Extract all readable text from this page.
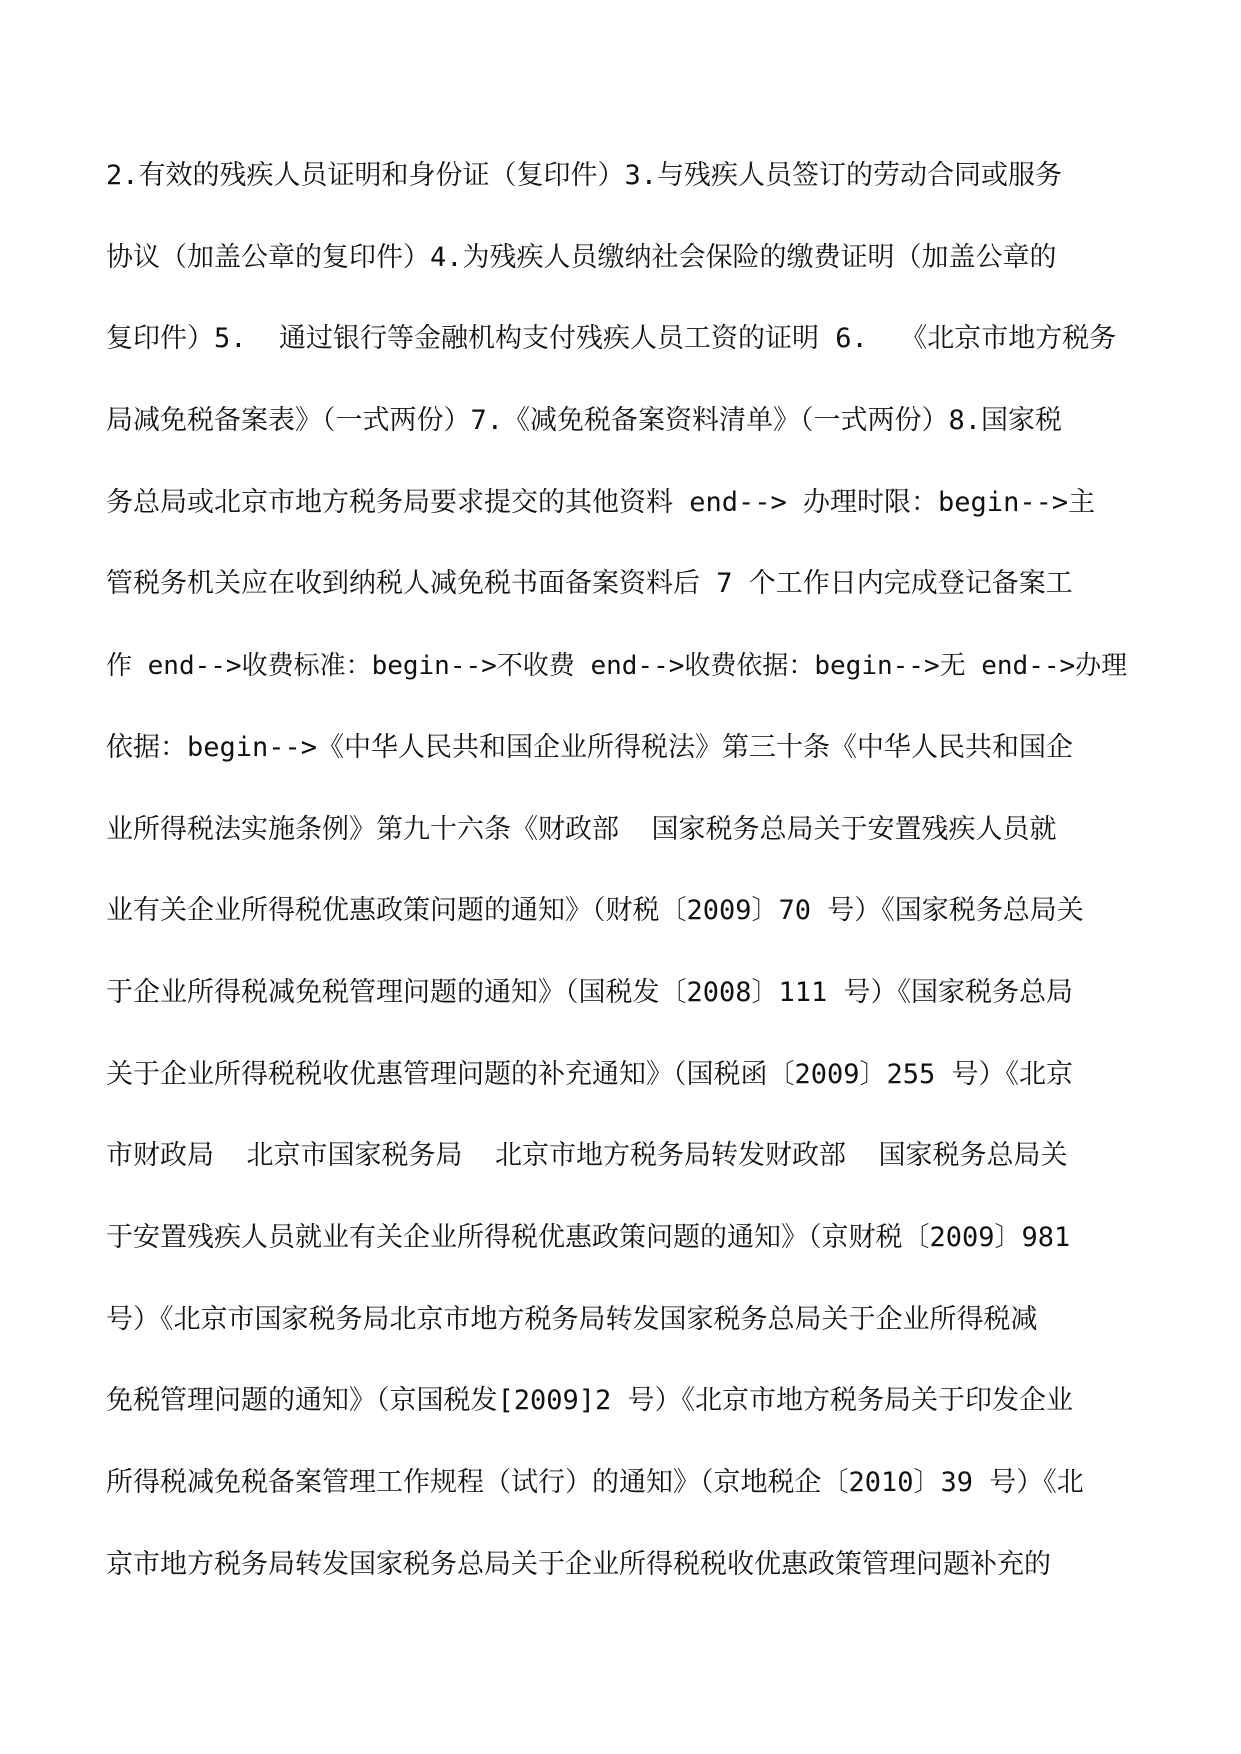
2.有效的残疾人员证明和身份证（复印件）3.与残疾人员签订的劳动合同或服务
协议（加盖公章的复印件）4.为残疾人员缴纳社会保险的缴费证明（加盖公章的
复印件）5.  通过银行等金融机构支付残疾人员工资的证明 6.  《北京市地方税务
局减免税备案表》（一式两份）7.《减免税备案资料清单》（一式两份）8.国家税
务总局或北京市地方税务局要求提交的其他资料 end--> 办理时限：begin-->主
管税务机关应在收到纳税人减免税书面备案资料后 7 个工作日内完成登记备案工
作 end-->收费标准：begin-->不收费 end-->收费依据：begin-->无 end-->办理
依据：begin-->《中华人民共和国企业所得税法》第三十条《中华人民共和国企
业所得税法实施条例》第九十六条《财政部  国家税务总局关于安置残疾人员就
业有关企业所得税优惠政策问题的通知》（财税〔2009〕70 号）《国家税务总局关
于企业所得税减免税管理问题的通知》（国税发〔2008〕111 号）《国家税务总局
关于企业所得税税收优惠管理问题的补充通知》（国税函〔2009〕255 号）《北京
市财政局  北京市国家税务局  北京市地方税务局转发财政部  国家税务总局关
于安置残疾人员就业有关企业所得税优惠政策问题的通知》（京财税〔2009〕981
号）《北京市国家税务局北京市地方税务局转发国家税务总局关于企业所得税减
免税管理问题的通知》（京国税发[2009]2 号）《北京市地方税务局关于印发企业
所得税减免税备案管理工作规程（试行）的通知》（京地税企〔2010〕39 号）《北
京市地方税务局转发国家税务总局关于企业所得税税收优惠政策管理问题补充的
